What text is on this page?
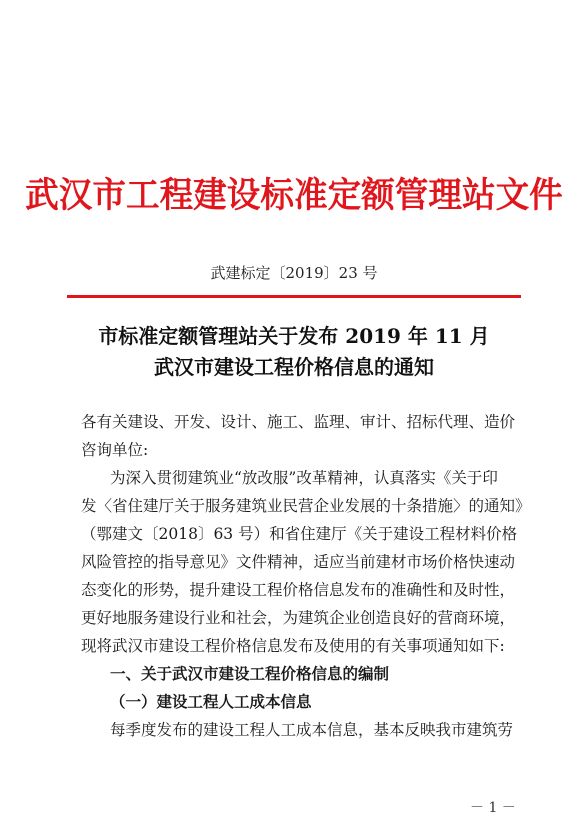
武汉市工程建设标准定额管理站文件
武建标定〔2019〕23 号
市标准定额管理站关于发布 2019 年 11 月
武汉市建设工程价格信息的通知
各有关建设、开发、设计、施工、监理、审计、招标代理、造价
咨询单位:
为深入贯彻建筑业“放改服”改革精神，认真落实《关于印
发〈省住建厅关于服务建筑业民营企业发展的十条措施〉的通知》
（鄂建文〔2018〕63 号）和省住建厅《关于建设工程材料价格
风险管控的指导意见》文件精神，适应当前建材市场价格快速动
态变化的形势，提升建设工程价格信息发布的准确性和及时性，
更好地服务建设行业和社会，为建筑企业创造良好的营商环境，
现将武汉市建设工程价格信息发布及使用的有关事项通知如下:
一、关于武汉市建设工程价格信息的编制
（一）建设工程人工成本信息
每季度发布的建设工程人工成本信息，基本反映我市建筑劳
－ 1 －
